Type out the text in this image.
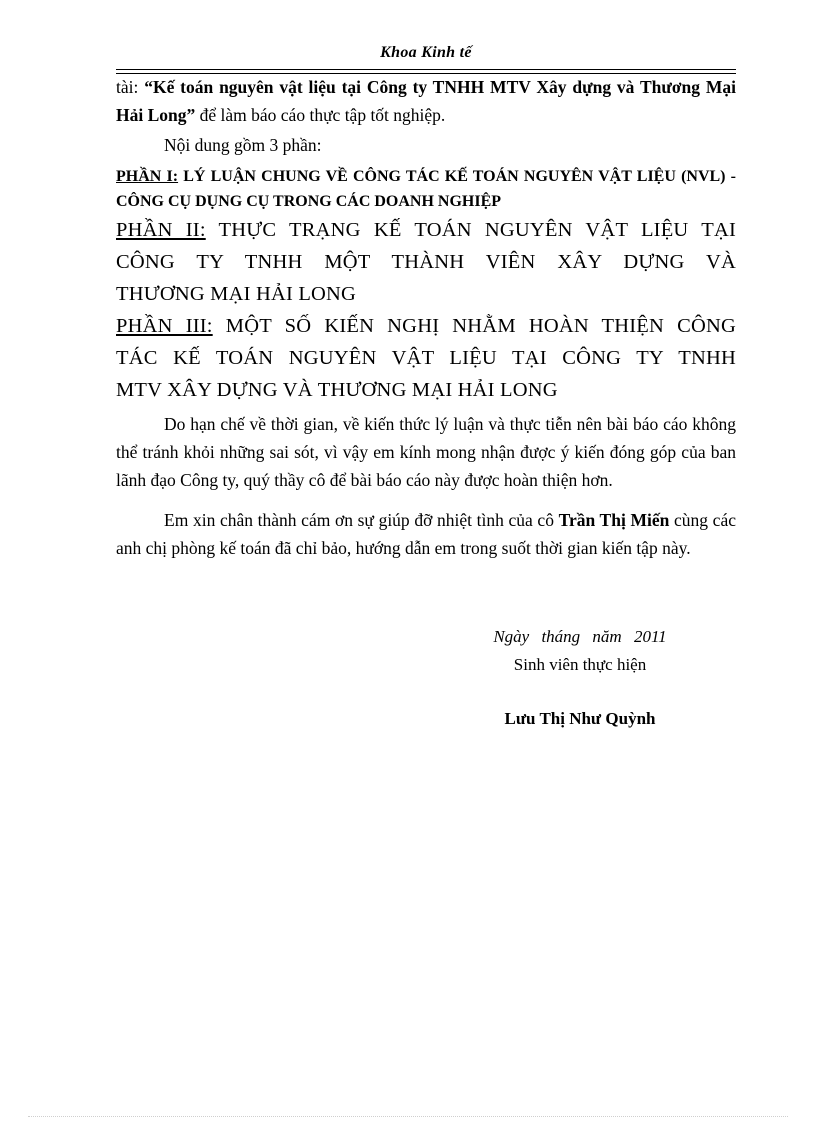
Khoa Kinh tế

tài: “Kế toán nguyên vật liệu tại Công ty TNHH MTV Xây dựng và Thương Mại Hải Long” để làm báo cáo thực tập tốt nghiệp.

Nội dung gồm 3 phần:

PHẦN I: LÝ LUẬN CHUNG VỀ CÔNG TÁC KẾ TOÁN NGUYÊN VẬT LIỆU (NVL) - CÔNG CỤ DỤNG CỤ TRONG CÁC DOANH NGHIỆP

PHẦN II: THỰC TRẠNG KẾ TOÁN NGUYÊN VẬT LIỆU TẠI
CÔNG TY TNHH MỘT THÀNH VIÊN XÂY DỰNG VÀ
THƯƠNG MẠI HẢI LONG
PHẦN III: MỘT SỐ KIẾN NGHỊ NHẰM HOÀN THIỆN CÔNG
TÁC KẾ TOÁN NGUYÊN VẬT LIỆU TẠI CÔNG TY TNHH
MTV XÂY DỰNG VÀ THƯƠNG MẠI HẢI LONG

Do hạn chế về thời gian, về kiến thức lý luận và thực tiễn nên bài báo cáo không thể tránh khỏi những sai sót, vì vậy em kính mong nhận được ý kiến đóng góp của ban lãnh đạo Công ty, quý thầy cô để bài báo cáo này được hoàn thiện hơn.

Em xin chân thành cám ơn sự giúp đỡ nhiệt tình của cô Trần Thị Miến cùng các anh chị phòng kế toán đã chỉ bảo, hướng dẫn em trong suốt thời gian kiến tập này.

Ngày tháng năm 2011
Sinh viên thực hiện
Lưu Thị Như Quỳnh
